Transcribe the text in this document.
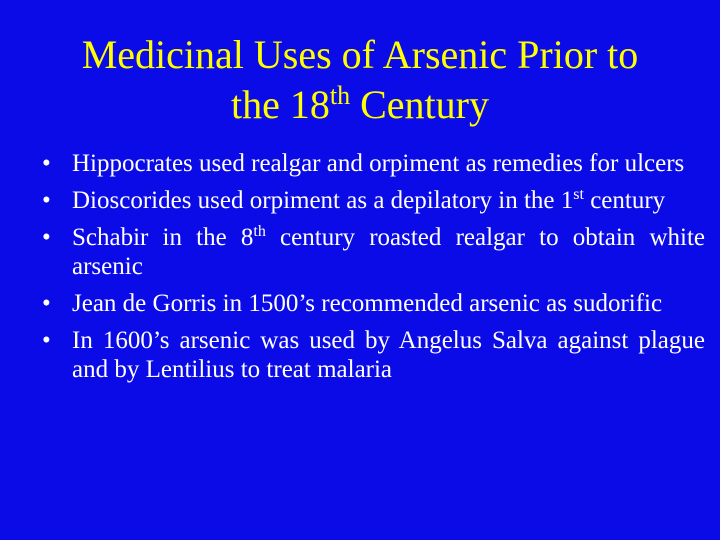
Medicinal Uses of Arsenic Prior to
the 18th Century
• Hippocrates used realgar and orpiment as remedies for ulcers
• Dioscorides used orpiment as a depilatory in the 1st century
• Schabir in the 8th century roasted realgar to obtain white arsenic
• Jean de Gorris in 1500’s recommended arsenic as sudorific
• In 1600’s arsenic was used by Angelus Salva against plague and by Lentilius to treat malaria
